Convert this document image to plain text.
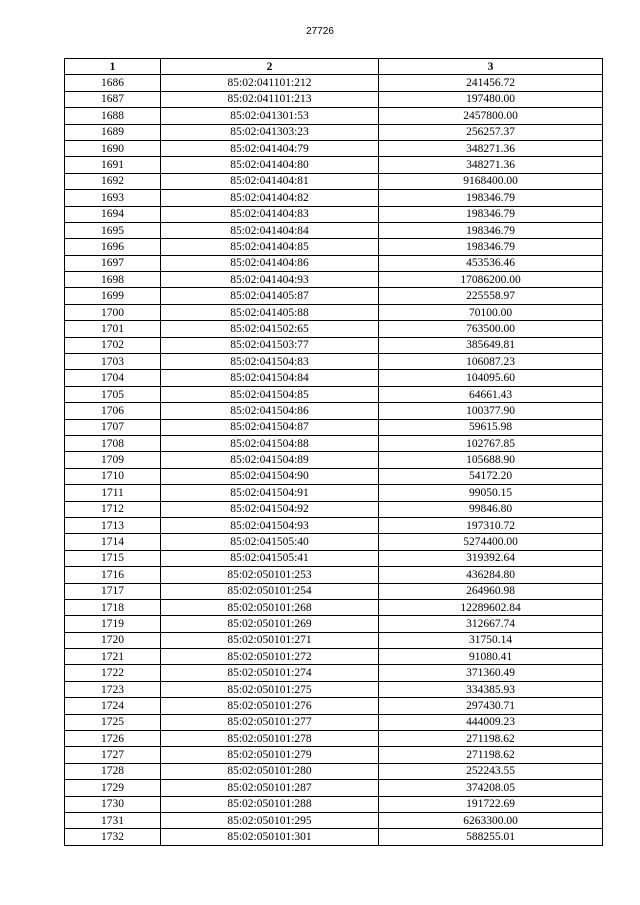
27726
1	2	3
1686	85:02:041101:212	241456.72
1687	85:02:041101:213	197480.00
1688	85:02:041301:53	2457800.00
1689	85:02:041303:23	256257.37
1690	85:02:041404:79	348271.36
1691	85:02:041404:80	348271.36
1692	85:02:041404:81	9168400.00
1693	85:02:041404:82	198346.79
1694	85:02:041404:83	198346.79
1695	85:02:041404:84	198346.79
1696	85:02:041404:85	198346.79
1697	85:02:041404:86	453536.46
1698	85:02:041404:93	17086200.00
1699	85:02:041405:87	225558.97
1700	85:02:041405:88	70100.00
1701	85:02:041502:65	763500.00
1702	85:02:041503:77	385649.81
1703	85:02:041504:83	106087.23
1704	85:02:041504:84	104095.60
1705	85:02:041504:85	64661.43
1706	85:02:041504:86	100377.90
1707	85:02:041504:87	59615.98
1708	85:02:041504:88	102767.85
1709	85:02:041504:89	105688.90
1710	85:02:041504:90	54172.20
1711	85:02:041504:91	99050.15
1712	85:02:041504:92	99846.80
1713	85:02:041504:93	197310.72
1714	85:02:041505:40	5274400.00
1715	85:02:041505:41	319392.64
1716	85:02:050101:253	436284.80
1717	85:02:050101:254	264960.98
1718	85:02:050101:268	12289602.84
1719	85:02:050101:269	312667.74
1720	85:02:050101:271	31750.14
1721	85:02:050101:272	91080.41
1722	85:02:050101:274	371360.49
1723	85:02:050101:275	334385.93
1724	85:02:050101:276	297430.71
1725	85:02:050101:277	444009.23
1726	85:02:050101:278	271198.62
1727	85:02:050101:279	271198.62
1728	85:02:050101:280	252243.55
1729	85:02:050101:287	374208.05
1730	85:02:050101:288	191722.69
1731	85:02:050101:295	6263300.00
1732	85:02:050101:301	588255.01
